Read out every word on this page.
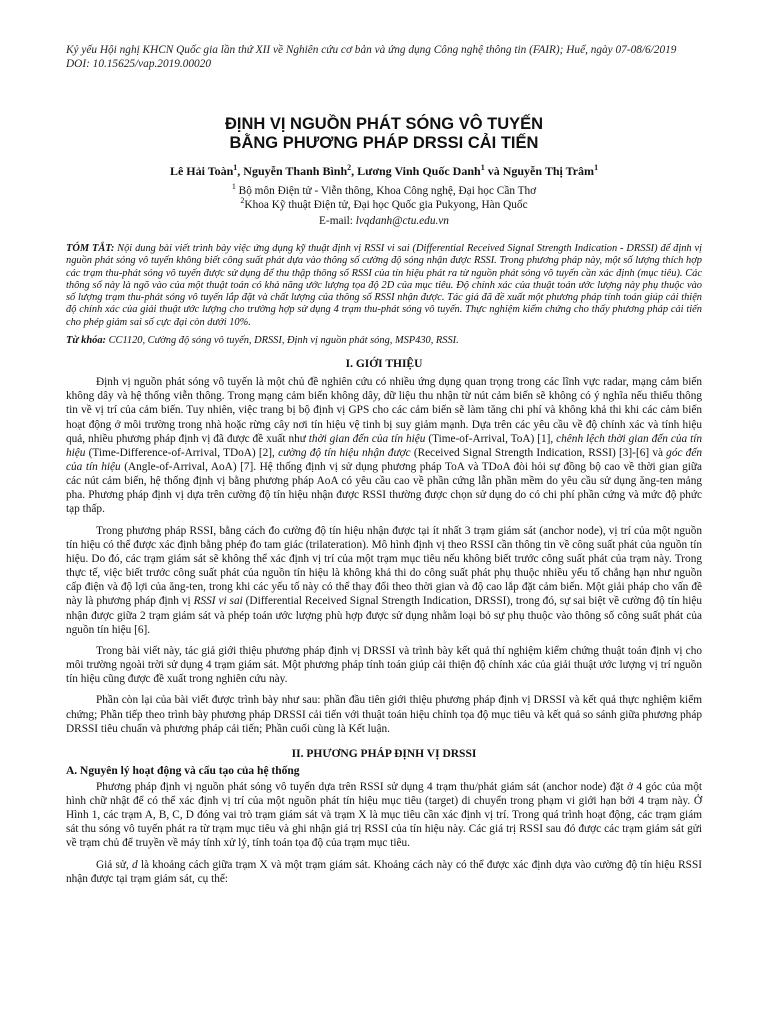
Kỷ yếu Hội nghị KHCN Quốc gia lần thứ XII về Nghiên cứu cơ bản và ứng dụng Công nghệ thông tin (FAIR); Huế, ngày 07-08/6/2019
DOI: 10.15625/vap.2019.00020
ĐỊNH VỊ NGUỒN PHÁT SÓNG VÔ TUYẾN
BẰNG PHƯƠNG PHÁP DRSSI CẢI TIẾN
Lê Hải Toàn$^1$, Nguyễn Thanh Bình$^2$, Lương Vinh Quốc Danh$^1$ và Nguyễn Thị Trâm$^1$
$^1$ Bộ môn Điện tử - Viễn thông, Khoa Công nghệ, Đại học Cần Thơ
$^2$Khoa Kỹ thuật Điện tử, Đại học Quốc gia Pukyong, Hàn Quốc
E-mail: lvqdanh@ctu.edu.vn
TÓM TẮT: Nội dung bài viết trình bày việc ứng dụng kỹ thuật định vị RSSI vi sai (Differential Received Signal Strength Indication - DRSSI) để định vị nguồn phát sóng vô tuyến không biết công suất phát dựa vào thông số cường độ sóng nhận được RSSI. Trong phương pháp này, một số lượng thích hợp các trạm thu-phát sóng vô tuyến được sử dụng để thu thập thông số RSSI của tín hiệu phát ra từ nguồn phát sóng vô tuyến cần xác định (mục tiêu). Các thông số này là ngõ vào của một thuật toán có khả năng ước lượng tọa độ 2D của mục tiêu. Độ chính xác của thuật toán ước lượng này phụ thuộc vào số lượng trạm thu-phát sóng vô tuyến lắp đặt và chất lượng của thông số RSSI nhận được. Tác giả đã đề xuất một phương pháp tính toán giúp cải thiện độ chính xác của giải thuật ước lượng cho trường hợp sử dụng 4 trạm thu-phát sóng vô tuyến. Thực nghiệm kiểm chứng cho thấy phương pháp cải tiến cho phép giảm sai số cực đại còn dưới 10%.
Từ khóa: CC1120, Cường độ sóng vô tuyến, DRSSI, Định vị nguồn phát sóng, MSP430, RSSI.
I. GIỚI THIỆU

Định vị nguồn phát sóng vô tuyến là một chủ đề nghiên cứu có nhiều ứng dụng quan trọng trong các lĩnh vực radar, mạng cảm biến không dây và hệ thống viễn thông. Trong mạng cảm biến không dây, dữ liệu thu nhận từ nút cảm biến sẽ không có ý nghĩa nếu thiếu thông tin về vị trí của cảm biến. Tuy nhiên, việc trang bị bộ định vị GPS cho các cảm biến sẽ làm tăng chi phí và không khả thi khi các cảm biến hoạt động ở môi trường trong nhà hoặc rừng cây nơi tín hiệu vệ tinh bị suy giảm mạnh. Dựa trên các yêu cầu về độ chính xác và tính hiệu quả, nhiều phương pháp định vị đã được đề xuất như thời gian đến của tín hiệu (Time-of-Arrival, ToA) [1], chênh lệch thời gian đến của tín hiệu (Time-Difference-of-Arrival, TDoA) [2], cường độ tín hiệu nhận được (Received Signal Strength Indication, RSSI) [3]-[6] và góc đến của tín hiệu (Angle-of-Arrival, AoA) [7]. Hệ thống định vị sử dụng phương pháp ToA và TDoA đòi hỏi sự đồng bộ cao về thời gian giữa các nút cảm biến, hệ thống định vị bằng phương pháp AoA có yêu cầu cao về phần cứng lẫn phần mềm do yêu cầu sử dụng ăng-ten mảng pha. Phương pháp định vị dựa trên cường độ tín hiệu nhận được RSSI thường được chọn sử dụng do có chi phí phần cứng và mức độ phức tạp thấp.

Trong phương pháp RSSI, bằng cách đo cường độ tín hiệu nhận được tại ít nhất 3 trạm giám sát (anchor node), vị trí của một nguồn tín hiệu có thể được xác định bằng phép đo tam giác (trilateration). Mô hình định vị theo RSSI cần thông tin về công suất phát của nguồn tín hiệu. Do đó, các trạm giám sát sẽ không thể xác định vị trí của một trạm mục tiêu nếu không biết trước công suất phát của trạm này. Trong thực tế, việc biết trước công suất phát của nguồn tín hiệu là không khả thi do công suất phát phụ thuộc nhiều yếu tố chẳng hạn như nguồn cấp điện và độ lợi của ăng-ten, trong khi các yếu tố này có thể thay đổi theo thời gian và độ cao lắp đặt cảm biến. Một giải pháp cho vấn đề này là phương pháp định vị RSSI vi sai (Differential Received Signal Strength Indication, DRSSI), trong đó, sự sai biệt về cường độ tín hiệu nhận được giữa 2 trạm giám sát và phép toán ước lượng phù hợp được sử dụng nhằm loại bỏ sự phụ thuộc vào thông số công suất phát của nguồn tín hiệu [6].

Trong bài viết này, tác giả giới thiệu phương pháp định vị DRSSI và trình bày kết quả thí nghiệm kiểm chứng thuật toán định vị cho môi trường ngoài trời sử dụng 4 trạm giám sát. Một phương pháp tính toán giúp cải thiện độ chính xác của giải thuật ước lượng vị trí nguồn tín hiệu cũng được đề xuất trong nghiên cứu này.

Phần còn lại của bài viết được trình bày như sau: phần đầu tiên giới thiệu phương pháp định vị DRSSI và kết quả thực nghiệm kiểm chứng; Phần tiếp theo trình bày phương pháp DRSSI cải tiến với thuật toán hiệu chỉnh tọa độ mục tiêu và kết quả so sánh giữa phương pháp DRSSI tiêu chuẩn và phương pháp cải tiến; Phần cuối cùng là Kết luận.

II. PHƯƠNG PHÁP ĐỊNH VỊ DRSSI
A. Nguyên lý hoạt động và cấu tạo của hệ thống

Phương pháp định vị nguồn phát sóng vô tuyến dựa trên RSSI sử dụng 4 trạm thu/phát giám sát (anchor node) đặt ở 4 góc của một hình chữ nhật để có thể xác định vị trí của một nguồn phát tín hiệu mục tiêu (target) di chuyển trong phạm vi giới hạn bởi 4 trạm này. Ở Hình 1, các trạm A, B, C, D đóng vai trò trạm giám sát và trạm X là mục tiêu cần xác định vị trí. Trong quá trình hoạt động, các trạm giám sát thu sóng vô tuyến phát ra từ trạm mục tiêu và ghi nhận giá trị RSSI của tín hiệu này. Các giá trị RSSI sau đó được các trạm giám sát gửi về trạm chủ để truyền về máy tính xử lý, tính toán tọa độ của trạm mục tiêu.

Giả sử, d là khoảng cách giữa trạm X và một trạm giám sát. Khoảng cách này có thể được xác định dựa vào cường độ tín hiệu RSSI nhận được tại trạm giám sát, cụ thể:
